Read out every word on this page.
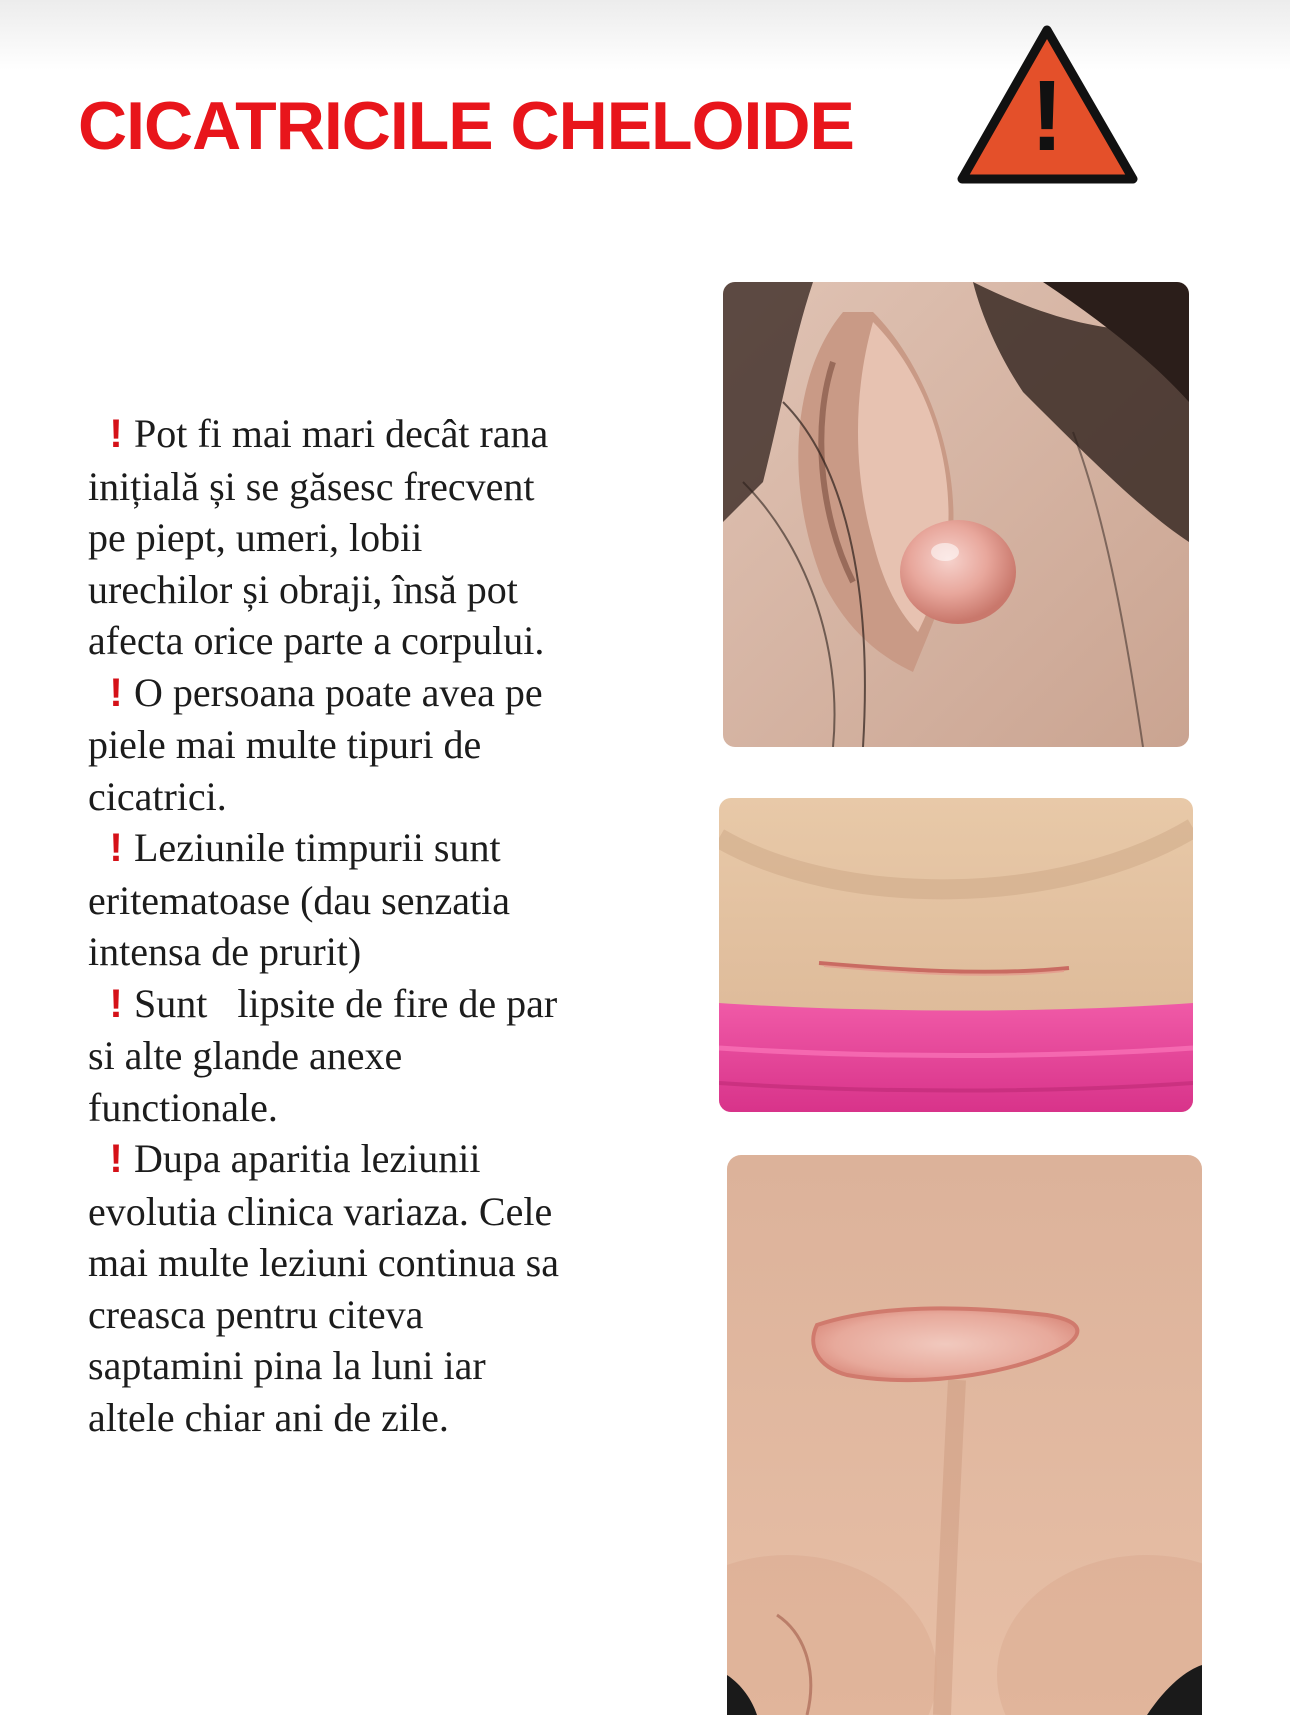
CICATRICILE CHELOIDE !

! Pot fi mai mari decât rana
inițială și se găsesc frecvent
pe piept, umeri, lobii
urechilor și obraji, însă pot
afecta orice parte a corpului.

! O persoana poate avea pe
piele mai multe tipuri de
cicatrici.

! Leziunile timpurii sunt
eritematoase (dau senzatia
intensa de prurit)

! Sunt   lipsite de fire de par
si alte glande anexe
functionale.

! Dupa aparitia leziunii
evolutia clinica variaza. Cele
mai multe leziuni continua sa
creasca pentru citeva
saptamini pina la luni iar
altele chiar ani de zile.
